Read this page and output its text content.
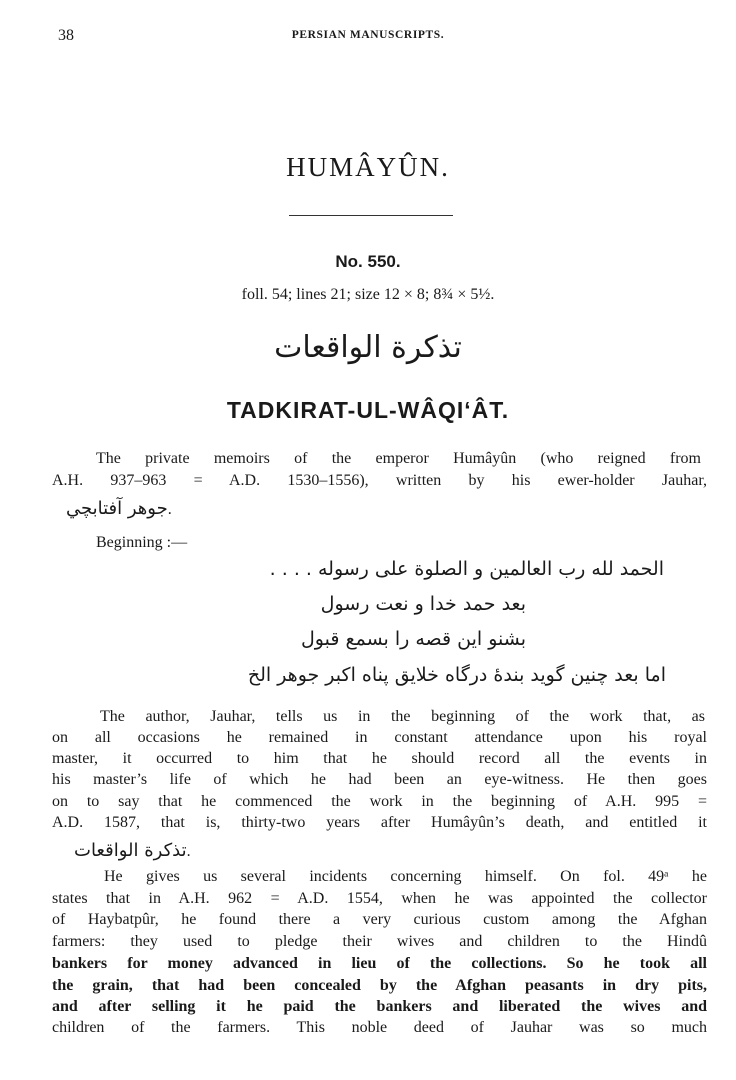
38	PERSIAN MANUSCRIPTS.
HUMÂYÛN.
No. 550.
foll. 54; lines 21; size 12 × 8; 8¾ × 5½.
تذکرة الواقعات
TADKIRAT-UL-WÂQI‘ÂT.
The private memoirs of the emperor Humâyûn (who reigned from
A.H. 937–963 = A.D. 1530–1556), written by his ewer-holder Jauhar,
جوهر آفتابچي.
Beginning :—
الحمد لله رب العالمين و الصلوة علی رسوله . . . .
بعد حمد خدا و نعت رسول
بشنو این قصه را بسمع قبول
اما بعد چنین گوید بندهٔ درگاه خلایق پناه اکبر جوهر الخ
The author, Jauhar, tells us in the beginning of the work that, as
on all occasions he remained in constant attendance upon his royal
master, it occurred to him that he should record all the events in
his master’s life of which he had been an eye-witness. He then goes
on to say that he commenced the work in the beginning of A.H. 995 =
A.D. 1587, that is, thirty-two years after Humâyûn’s death, and entitled it
تذکرة الواقعات.
He gives us several incidents concerning himself. On fol. 49ᵃ he
states that in A.H. 962 = A.D. 1554, when he was appointed the collector
of Haybatpûr, he found there a very curious custom among the Afghan
farmers: they used to pledge their wives and children to the Hindû
bankers for money advanced in lieu of the collections. So he took all
the grain, that had been concealed by the Afghan peasants in dry pits,
and after selling it he paid the bankers and liberated the wives and
children of the farmers. This noble deed of Jauhar was so much
